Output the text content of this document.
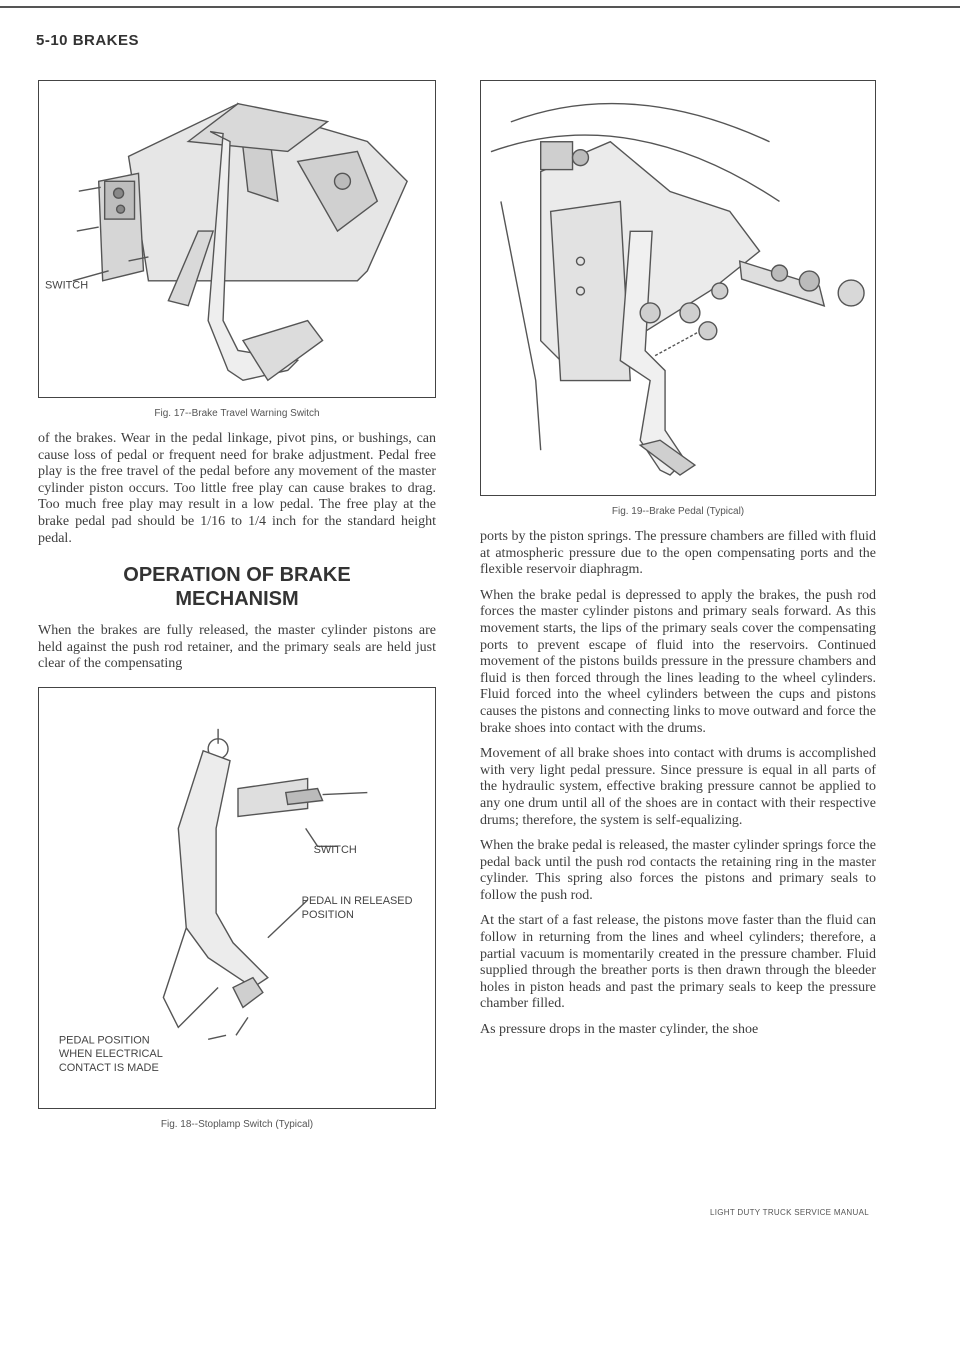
5-10 BRAKES
SWITCH
Fig. 17--Brake Travel Warning Switch

of the brakes. Wear in the pedal linkage, pivot pins, or bushings, can cause loss of pedal or frequent need for brake adjustment. Pedal free play is the free travel of the pedal before any movement of the master cylinder piston occurs. Too little free play can cause brakes to drag. Too much free play may result in a low pedal. The free play at the brake pedal pad should be 1/16 to 1/4 inch for the standard height pedal.

OPERATION OF BRAKE
MECHANISM

When the brakes are fully released, the master cylinder pistons are held against the push rod retainer, and the primary seals are held just clear of the compensating

SWITCH
PEDAL IN RELEASED
POSITION
PEDAL POSITION
WHEN ELECTRICAL
CONTACT IS MADE
Fig. 18--Stoplamp Switch (Typical)
Fig. 19--Brake Pedal (Typical)

ports by the piston springs. The pressure chambers are filled with fluid at atmospheric pressure due to the open compensating ports and the flexible reservoir diaphragm.

When the brake pedal is depressed to apply the brakes, the push rod forces the master cylinder pistons and primary seals forward. As this movement starts, the lips of the primary seals cover the compensating ports to prevent escape of fluid into the reservoirs. Continued movement of the pistons builds pressure in the pressure chambers and fluid is then forced through the lines leading to the wheel cylinders. Fluid forced into the wheel cylinders between the cups and pistons causes the pistons and connecting links to move outward and force the brake shoes into contact with the drums.

Movement of all brake shoes into contact with drums is accomplished with very light pedal pressure. Since pressure is equal in all parts of the hydraulic system, effective braking pressure cannot be applied to any one drum until all of the shoes are in contact with their respective drums; therefore, the system is self-equalizing.

When the brake pedal is released, the master cylinder springs force the pedal back until the push rod contacts the retaining ring in the master cylinder. This spring also forces the pistons and primary seals to follow the push rod.

At the start of a fast release, the pistons move faster than the fluid can follow in returning from the lines and wheel cylinders; therefore, a partial vacuum is momentarily created in the pressure chamber. Fluid supplied through the breather ports is then drawn through the bleeder holes in piston heads and past the primary seals to keep the pressure chamber filled.

As pressure drops in the master cylinder, the shoe

LIGHT DUTY TRUCK SERVICE MANUAL
